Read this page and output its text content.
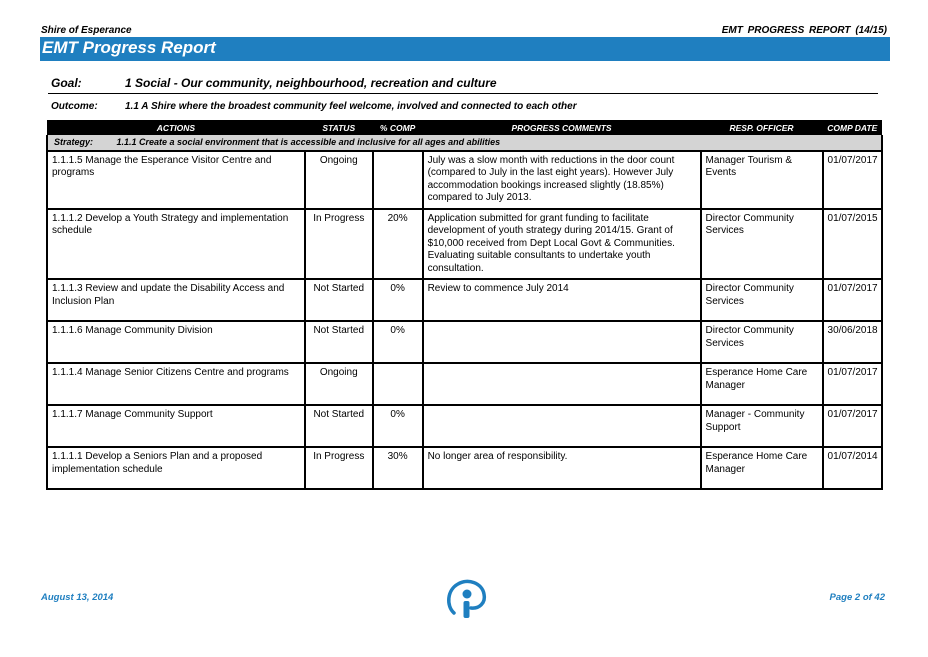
Shire of Esperance	EMT PROGRESS REPORT (14/15)
EMT Progress Report
Goal:	1 Social - Our community, neighbourhood, recreation and culture
Outcome:	1.1 A Shire where the broadest community feel welcome, involved and connected to each other
ACTIONS	STATUS	% COMP	PROGRESS COMMENTS	RESP. OFFICER	COMP DATE
Strategy: 1.1.1 Create a social environment that is accessible and inclusive for all ages and abilities					
1.1.1.5 Manage the Esperance Visitor Centre and programs	Ongoing		July was a slow month with reductions in the door count (compared to July in the last eight years). However July accommodation bookings increased slightly (18.85%) compared to July 2013.	Manager Tourism & Events	01/07/2017
1.1.1.2 Develop a Youth Strategy and implementation schedule	In Progress	20%	Application submitted for grant funding to facilitate development of youth strategy during 2014/15. Grant of $10,000 received from Dept Local Govt & Communities. Evaluating suitable consultants to undertake youth consultation.	Director Community Services	01/07/2015
1.1.1.3 Review and update the Disability Access and Inclusion Plan	Not Started	0%	Review to commence July 2014	Director Community Services	01/07/2017
1.1.1.6 Manage Community Division	Not Started	0%		Director Community Services	30/06/2018
1.1.1.4 Manage Senior Citizens Centre and programs	Ongoing			Esperance Home Care Manager	01/07/2017
1.1.1.7 Manage Community Support	Not Started	0%		Manager - Community Support	01/07/2017
1.1.1.1 Develop a Seniors Plan and a proposed implementation schedule	In Progress	30%	No longer area of responsibility.	Esperance Home Care Manager	01/07/2014
August 13, 2014	Page 2 of 42
